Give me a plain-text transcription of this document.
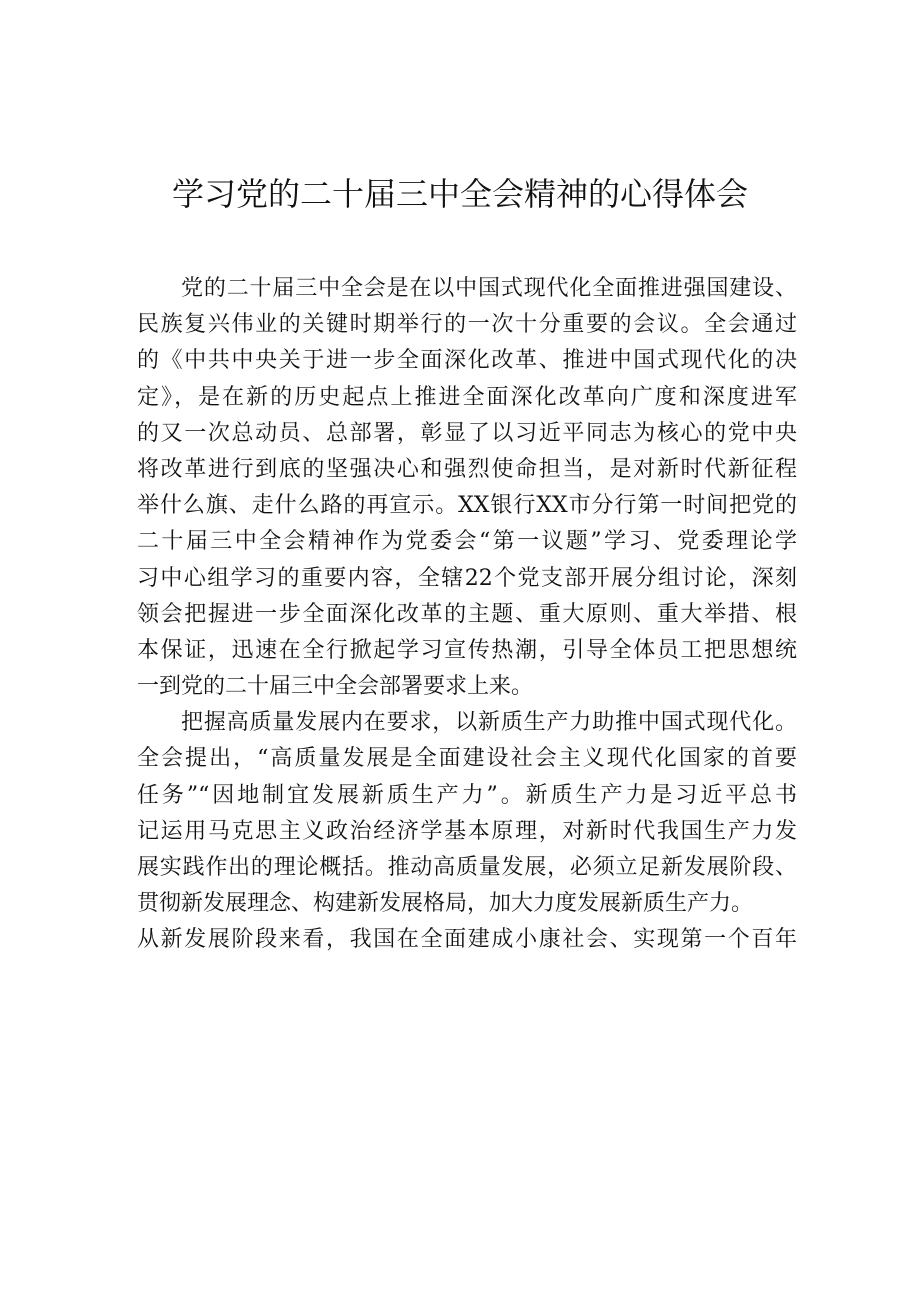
学习党的二十届三中全会精神的心得体会
党的二十届三中全会是在以中国式现代化全面推进强国建设、
民族复兴伟业的关键时期举行的一次十分重要的会议。全会通过
的《中共中央关于进一步全面深化改革、推进中国式现代化的决
定》，是在新的历史起点上推进全面深化改革向广度和深度进军
的又一次总动员、总部署，彰显了以习近平同志为核心的党中央
将改革进行到底的坚强决心和强烈使命担当，是对新时代新征程
举什么旗、走什么路的再宣示。XX银行XX市分行第一时间把党的
二十届三中全会精神作为党委会“第一议题”学习、党委理论学
习中心组学习的重要内容，全辖22个党支部开展分组讨论，深刻
领会把握进一步全面深化改革的主题、重大原则、重大举措、根
本保证，迅速在全行掀起学习宣传热潮，引导全体员工把思想统
一到党的二十届三中全会部署要求上来。
把握高质量发展内在要求，以新质生产力助推中国式现代化。
全会提出，“高质量发展是全面建设社会主义现代化国家的首要
任务”“因地制宜发展新质生产力”。新质生产力是习近平总书
记运用马克思主义政治经济学基本原理，对新时代我国生产力发
展实践作出的理论概括。推动高质量发展，必须立足新发展阶段、
贯彻新发展理念、构建新发展格局，加大力度发展新质生产力。
从新发展阶段来看，我国在全面建成小康社会、实现第一个百年
